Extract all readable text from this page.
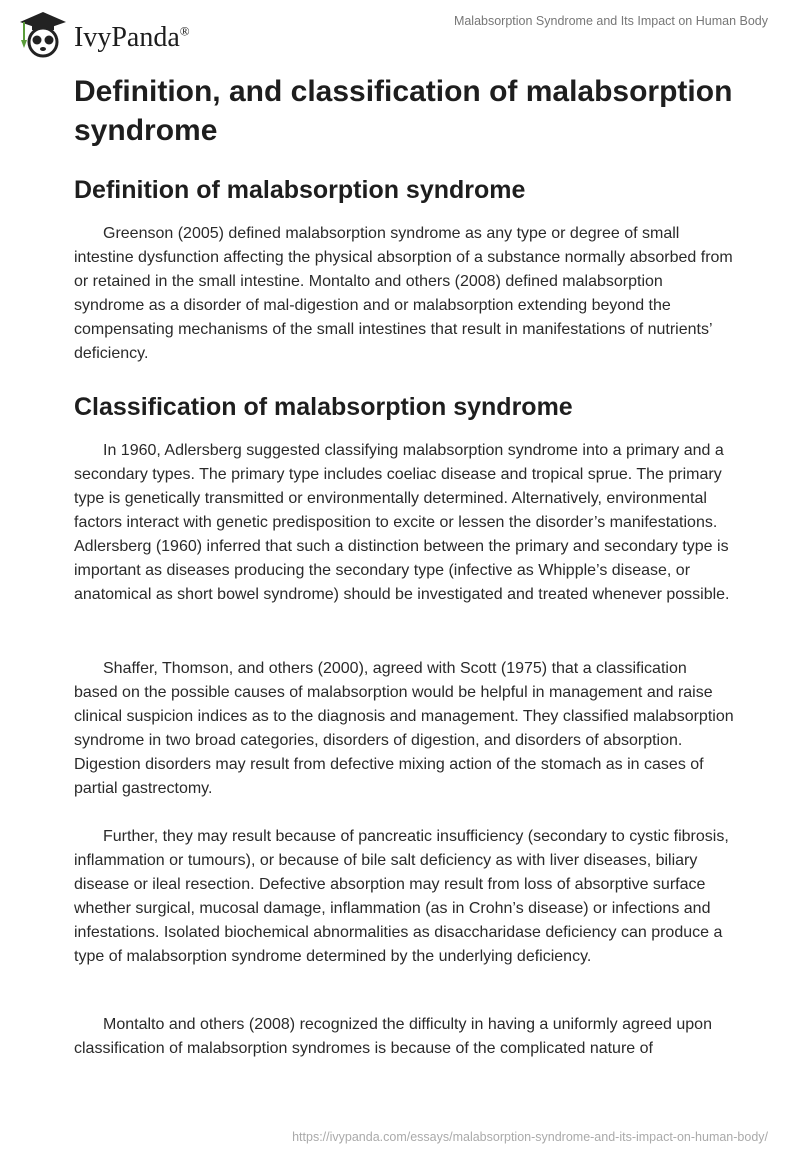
IvyPanda®
Malabsorption Syndrome and Its Impact on Human Body
Definition, and classification of malabsorption syndrome
Definition of malabsorption syndrome

Greenson (2005) defined malabsorption syndrome as any type or degree of small intestine dysfunction affecting the physical absorption of a substance normally absorbed from or retained in the small intestine. Montalto and others (2008) defined malabsorption syndrome as a disorder of mal-digestion and or malabsorption extending beyond the compensating mechanisms of the small intestines that result in manifestations of nutrients’ deficiency.

Classification of malabsorption syndrome

In 1960, Adlersberg suggested classifying malabsorption syndrome into a primary and a secondary types. The primary type includes coeliac disease and tropical sprue. The primary type is genetically transmitted or environmentally determined. Alternatively, environmental factors interact with genetic predisposition to excite or lessen the disorder’s manifestations. Adlersberg (1960) inferred that such a distinction between the primary and secondary type is important as diseases producing the secondary type (infective as Whipple’s disease, or anatomical as short bowel syndrome) should be investigated and treated whenever possible.

Shaffer, Thomson, and others (2000), agreed with Scott (1975) that a classification based on the possible causes of malabsorption would be helpful in management and raise clinical suspicion indices as to the diagnosis and management. They classified malabsorption syndrome in two broad categories, disorders of digestion, and disorders of absorption. Digestion disorders may result from defective mixing action of the stomach as in cases of partial gastrectomy.

Further, they may result because of pancreatic insufficiency (secondary to cystic fibrosis, inflammation or tumours), or because of bile salt deficiency as with liver diseases, biliary disease or ileal resection. Defective absorption may result from loss of absorptive surface whether surgical, mucosal damage, inflammation (as in Crohn’s disease) or infections and infestations. Isolated biochemical abnormalities as disaccharidase deficiency can produce a type of malabsorption syndrome determined by the underlying deficiency.

Montalto and others (2008) recognized the difficulty in having a uniformly agreed upon classification of malabsorption syndromes is because of the complicated nature of

https://ivypanda.com/essays/malabsorption-syndrome-and-its-impact-on-human-body/
